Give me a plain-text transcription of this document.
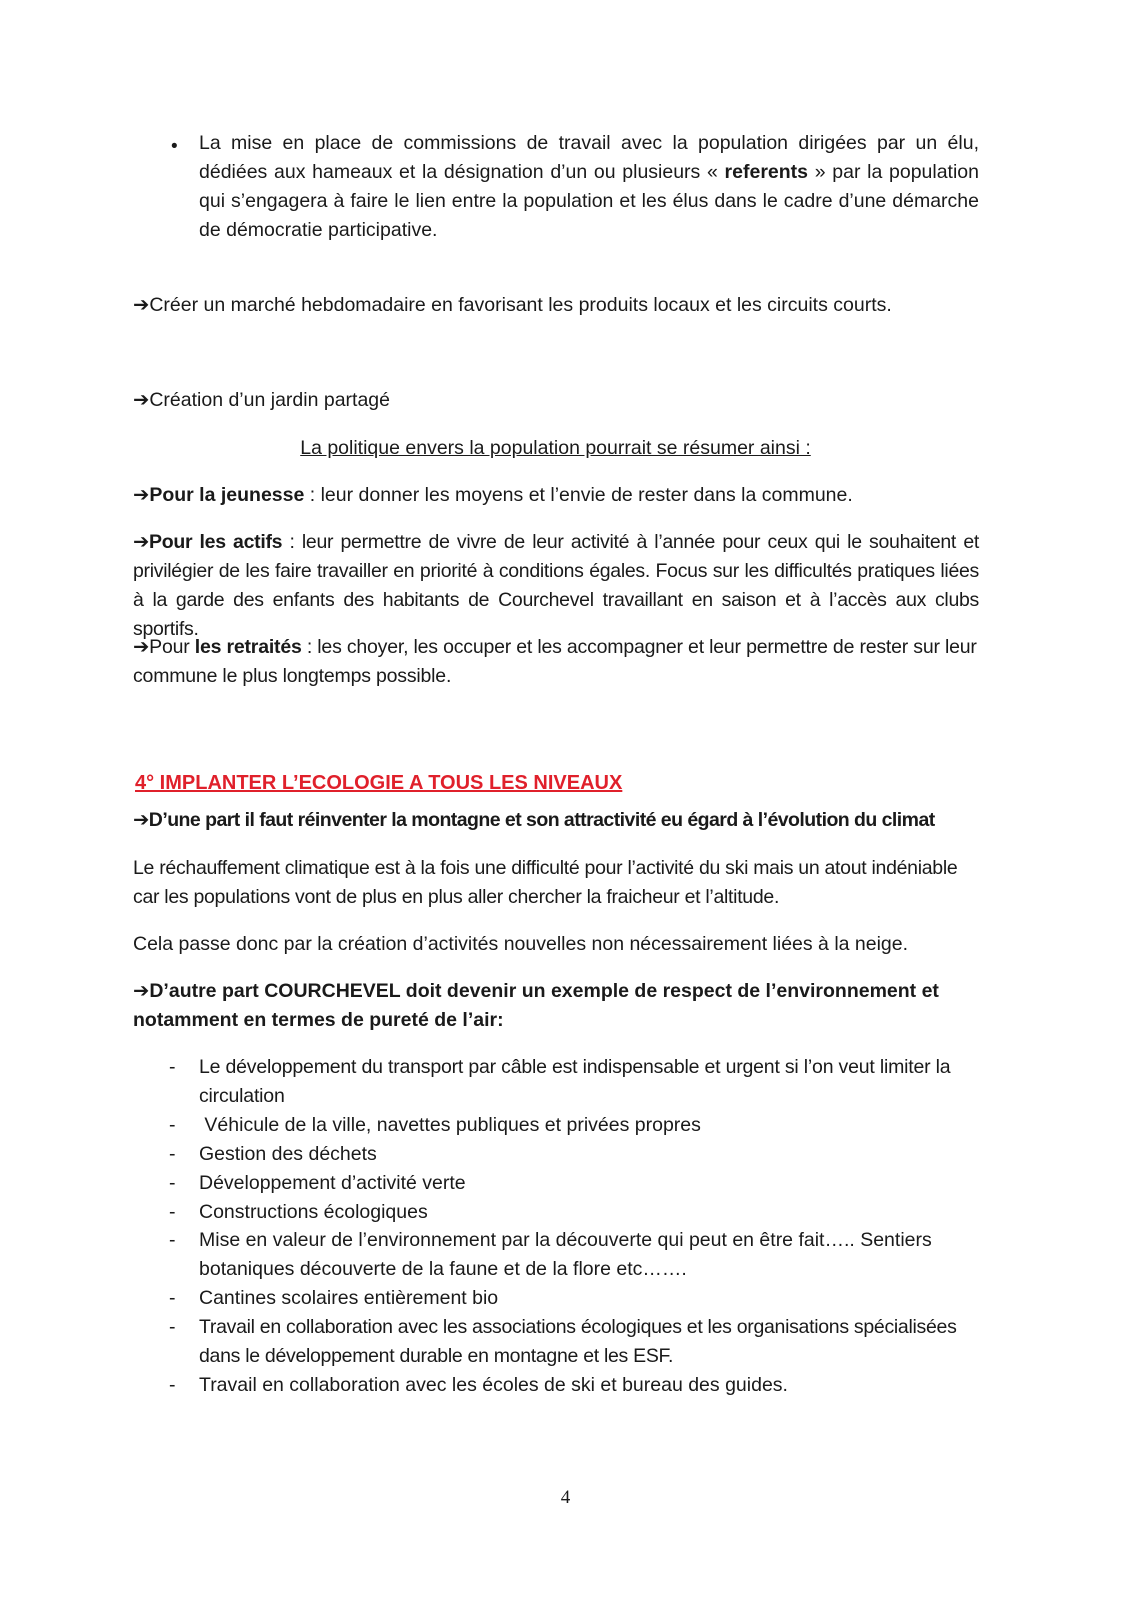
• La mise en place de commissions de travail avec la population dirigées par un élu, dédiées aux hameaux et la désignation d’un ou plusieurs « referents » par la population qui s’engagera à faire le lien entre la population et les élus dans le cadre d’une démarche de démocratie participative.
➔Créer un marché hebdomadaire en favorisant les produits locaux et les circuits courts.
➔Création d’un jardin partagé
La politique envers la population pourrait se résumer ainsi :
➔Pour la jeunesse : leur donner les moyens et l’envie de rester dans la commune.
➔Pour les actifs : leur permettre de vivre de leur activité à l’année pour ceux qui le souhaitent et privilégier de les faire travailler en priorité à conditions égales. Focus sur les difficultés pratiques liées à la garde des enfants des habitants de Courchevel travaillant en saison et à l’accès aux clubs sportifs.
➔Pour les retraités : les choyer, les occuper et les accompagner et leur permettre de rester sur leur commune le plus longtemps possible.
4° IMPLANTER L’ECOLOGIE A TOUS LES NIVEAUX
➔D’une part il faut réinventer la montagne et son attractivité eu égard à l’évolution du climat
Le réchauffement climatique est à la fois une difficulté pour l’activité du ski mais un atout indéniable car les populations vont de plus en plus aller chercher la fraicheur et l’altitude.
Cela passe donc par la création d’activités nouvelles non nécessairement liées à la neige.
➔D’autre part COURCHEVEL doit devenir un exemple de respect de l’environnement et notamment en termes de pureté de l’air:
- Le développement du transport par câble est indispensable et urgent si l’on veut limiter la circulation
- Véhicule de la ville, navettes publiques et privées propres
- Gestion des déchets
- Développement d’activité verte
- Constructions écologiques
- Mise en valeur de l’environnement par la découverte qui peut en être fait….. Sentiers botaniques découverte de la faune et de la flore etc…….
- Cantines scolaires entièrement bio
- Travail en collaboration avec les associations écologiques et les organisations spécialisées dans le développement durable en montagne et les ESF.
- Travail en collaboration avec les écoles de ski et bureau des guides.
4
